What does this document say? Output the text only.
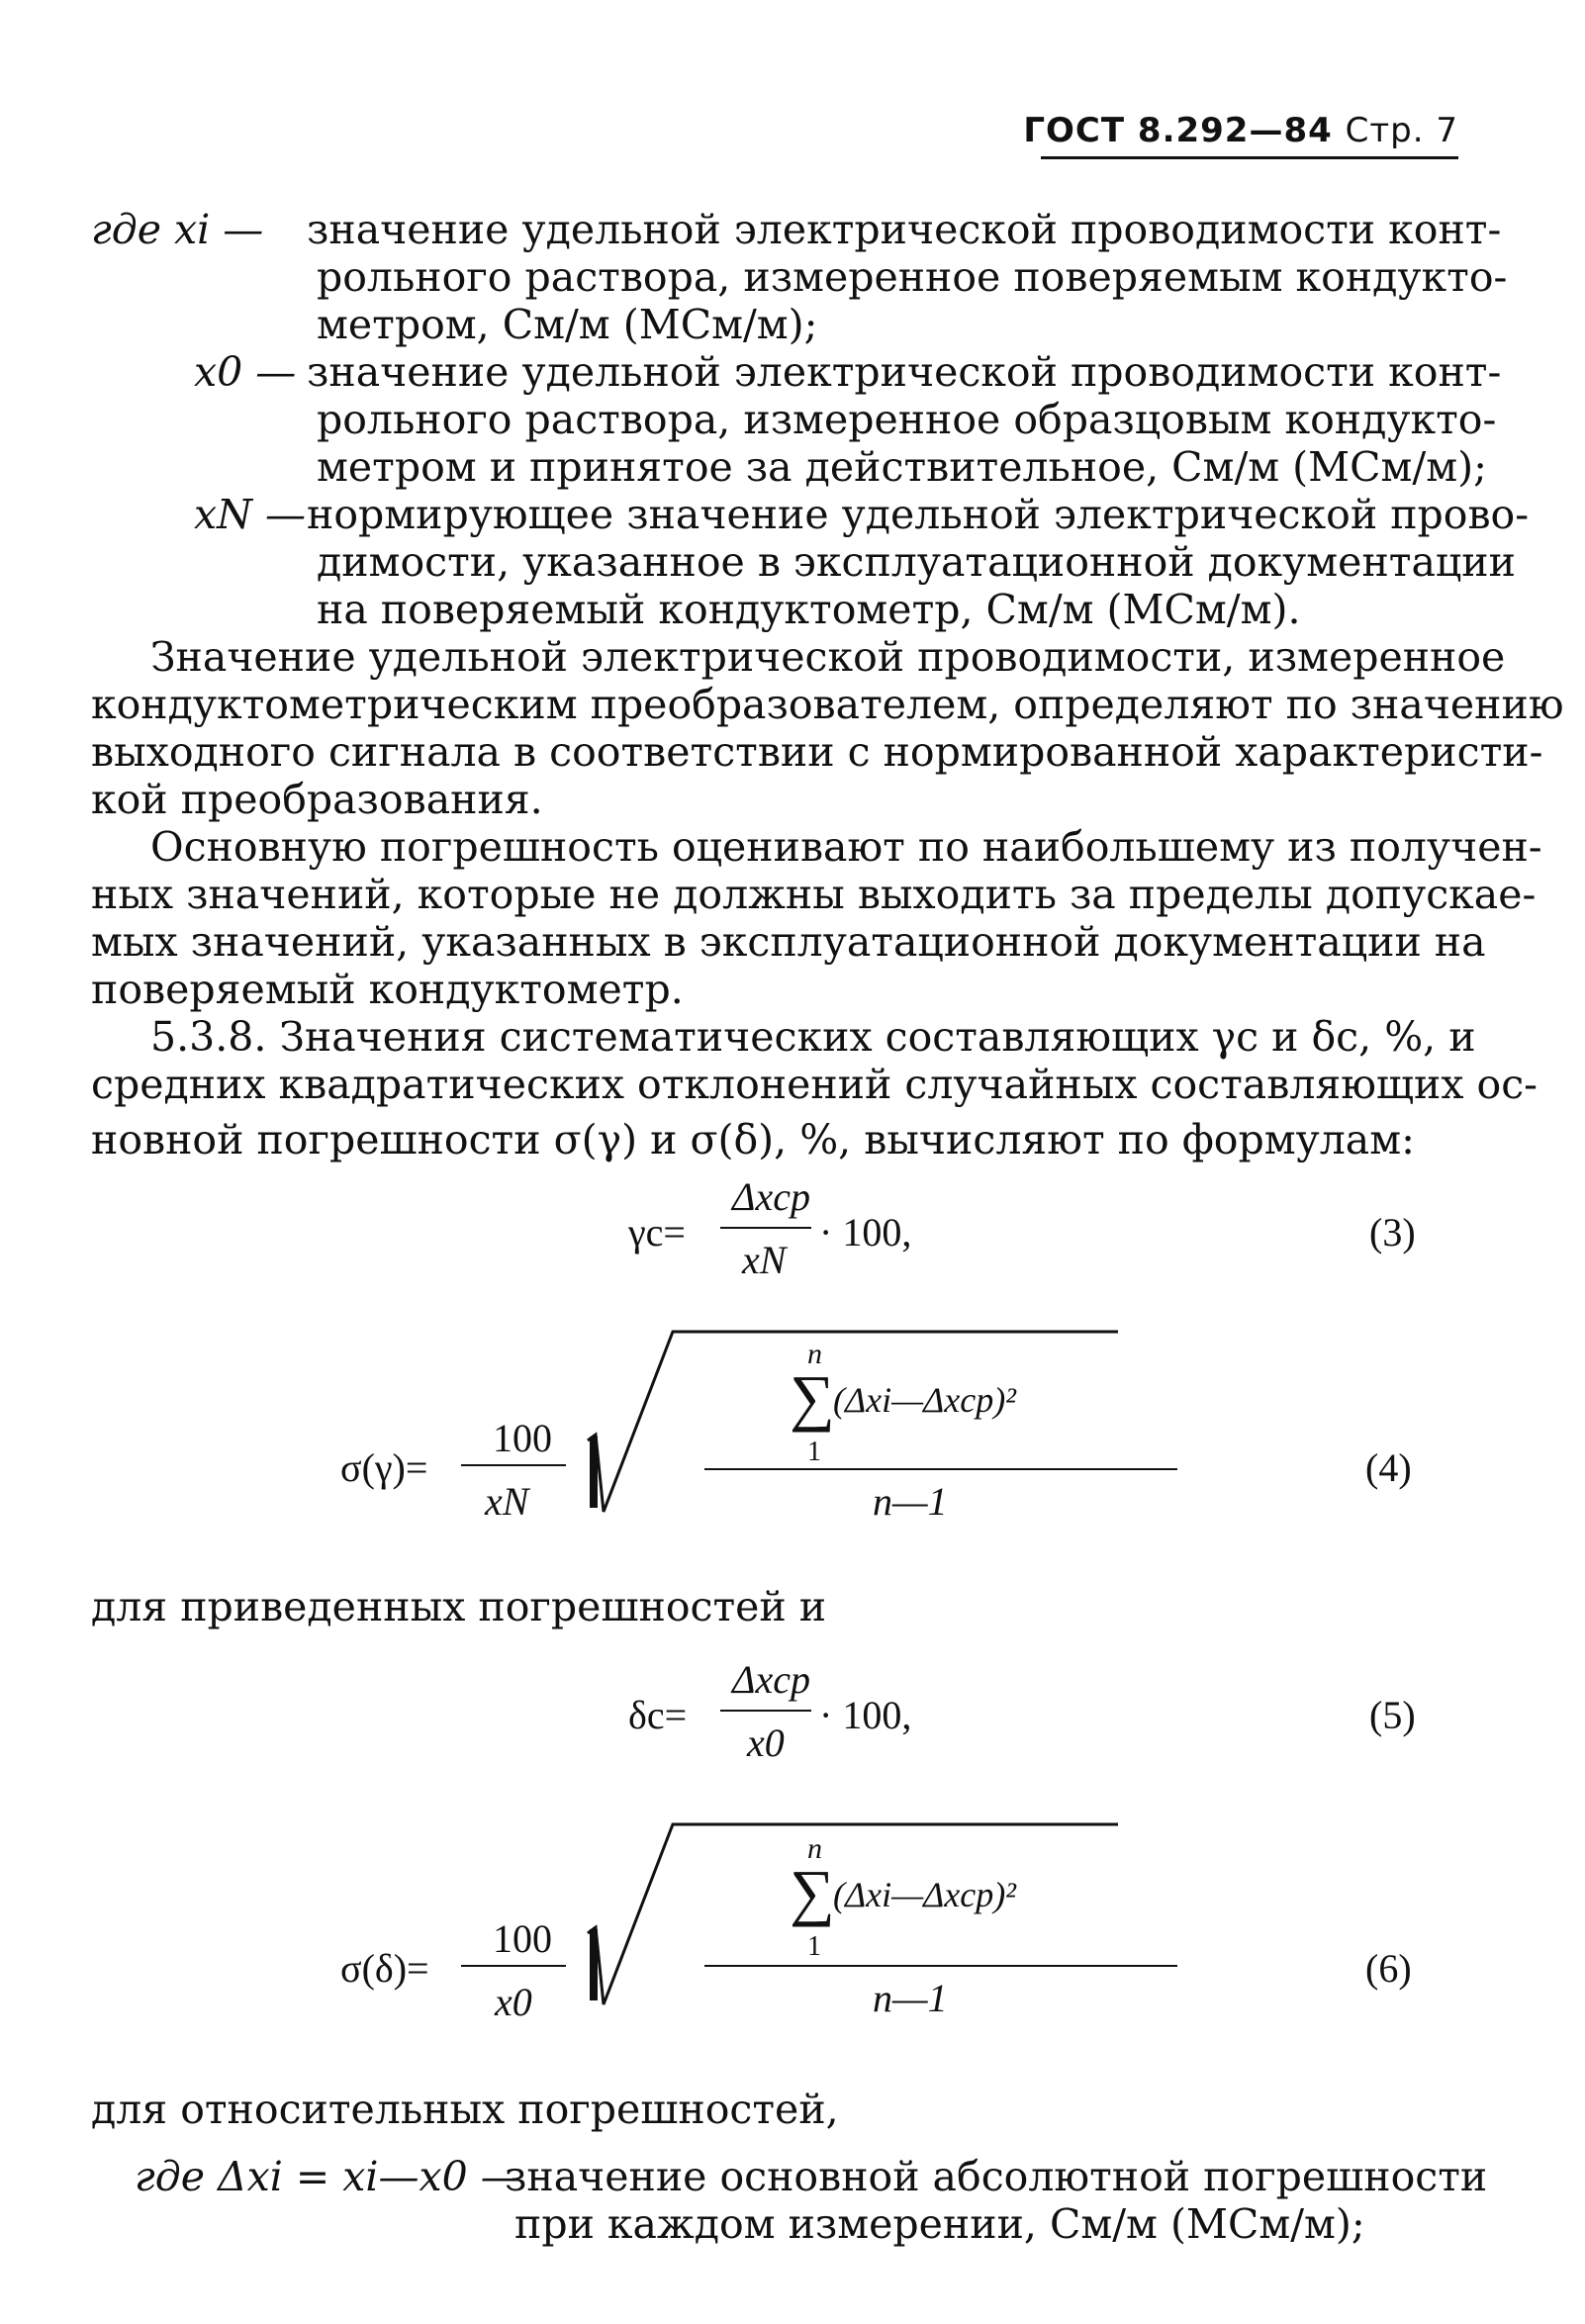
ГОСТ 8.292—84 Стр. 7
где xi — значение удельной электрической проводимости конт-
рольного раствора, измеренное поверяемым кондукто-
метром, См/м (МСм/м);
x0 — значение удельной электрической проводимости конт-
рольного раствора, измеренное образцовым кондукто-
метром и принятое за действительное, См/м (МСм/м);
xN — нормирующее значение удельной электрической прово-
димости, указанное в эксплуатационной документации
на поверяемый кондуктометр, См/м (МСм/м).
Значение удельной электрической проводимости, измеренное
кондуктометрическим преобразователем, определяют по значению
выходного сигнала в соответствии с нормированной характеристи-
кой преобразования.
Основную погрешность оценивают по наибольшему из получен-
ных значений, которые не должны выходить за пределы допускае-
мых значений, указанных в эксплуатационной документации на
поверяемый кондуктометр.
5.3.8. Значения систематических составляющих γc и δc, %, и
средних квадратических отклонений случайных составляющих ос-
новной погрешности σ(γ) и σ(δ), %, вычисляют по формулам:
γc=
Δxср
xN
· 100,	(3)
σ(γ)=
100
xN
n
∑
1
(Δxi—Δxср)²
n—1
(4)
для приведенных погрешностей и
δc=
Δxср
x0
· 100,	(5)
σ(δ)=
100
x0
n
∑
1
(Δxi—Δxср)²
n—1
(6)
для относительных погрешностей,
где Δxi = xi—x0 —
значение основной абсолютной погрешности
при каждом измерении, См/м (МСм/м);
